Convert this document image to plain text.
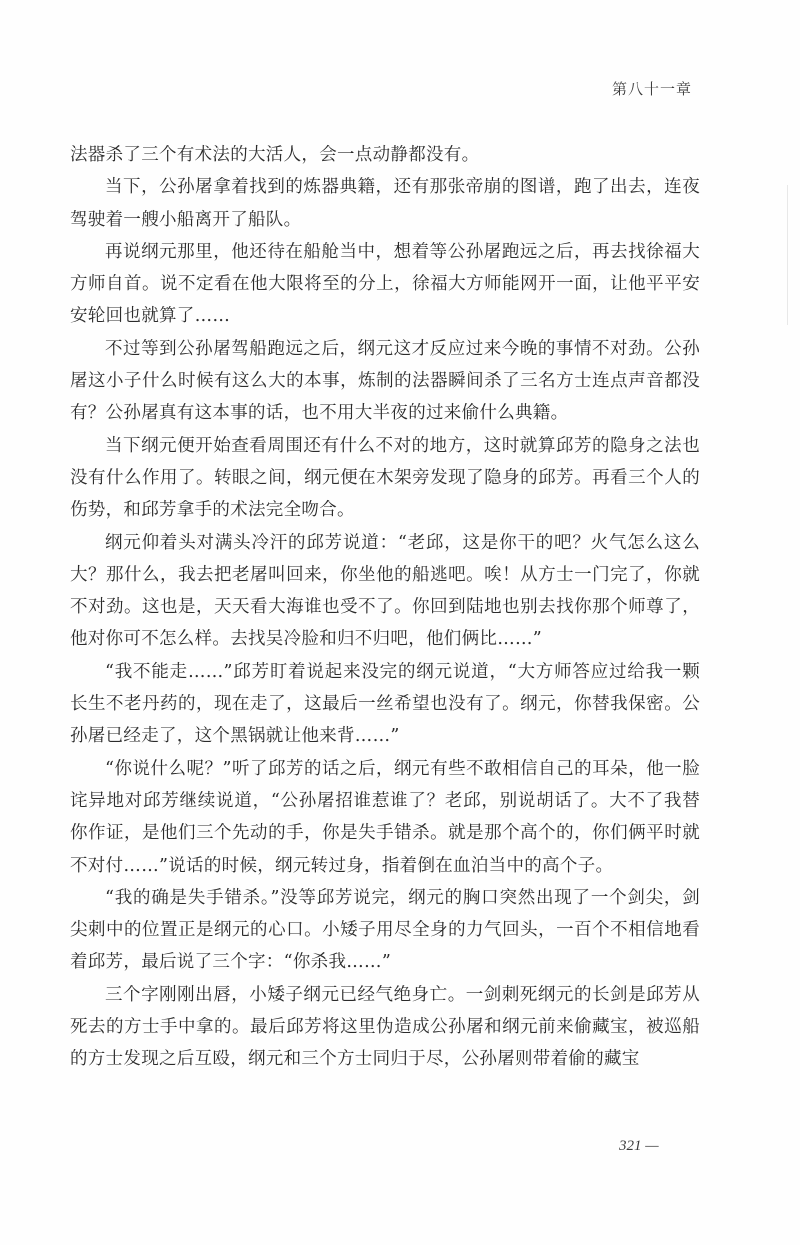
第八十一章

法器杀了三个有术法的大活人，会一点动静都没有。

当下，公孙屠拿着找到的炼器典籍，还有那张帝崩的图谱，跑了出去，连夜驾驶着一艘小船离开了船队。

再说纲元那里，他还待在船舱当中，想着等公孙屠跑远之后，再去找徐福大方师自首。说不定看在他大限将至的分上，徐福大方师能网开一面，让他平平安安轮回也就算了……

不过等到公孙屠驾船跑远之后，纲元这才反应过来今晚的事情不对劲。公孙屠这小子什么时候有这么大的本事，炼制的法器瞬间杀了三名方士连点声音都没有？公孙屠真有这本事的话，也不用大半夜的过来偷什么典籍。

当下纲元便开始查看周围还有什么不对的地方，这时就算邱芳的隐身之法也没有什么作用了。转眼之间，纲元便在木架旁发现了隐身的邱芳。再看三个人的伤势，和邱芳拿手的术法完全吻合。

纲元仰着头对满头冷汗的邱芳说道：“老邱，这是你干的吧？火气怎么这么大？那什么，我去把老屠叫回来，你坐他的船逃吧。唉！从方士一门完了，你就不对劲。这也是，天天看大海谁也受不了。你回到陆地也别去找你那个师尊了，他对你可不怎么样。去找吴冷脸和归不归吧，他们俩比……”

“我不能走……”邱芳盯着说起来没完的纲元说道，“大方师答应过给我一颗长生不老丹药的，现在走了，这最后一丝希望也没有了。纲元，你替我保密。公孙屠已经走了，这个黑锅就让他来背……”

“你说什么呢？”听了邱芳的话之后，纲元有些不敢相信自己的耳朵，他一脸诧异地对邱芳继续说道，“公孙屠招谁惹谁了？老邱，别说胡话了。大不了我替你作证，是他们三个先动的手，你是失手错杀。就是那个高个的，你们俩平时就不对付……”说话的时候，纲元转过身，指着倒在血泊当中的高个子。

“我的确是失手错杀。”没等邱芳说完，纲元的胸口突然出现了一个剑尖，剑尖刺中的位置正是纲元的心口。小矮子用尽全身的力气回头，一百个不相信地看着邱芳，最后说了三个字：“你杀我……”

三个字刚刚出唇，小矮子纲元已经气绝身亡。一剑刺死纲元的长剑是邱芳从死去的方士手中拿的。最后邱芳将这里伪造成公孙屠和纲元前来偷藏宝，被巡船的方士发现之后互殴，纲元和三个方士同归于尽，公孙屠则带着偷的藏宝

321 —
